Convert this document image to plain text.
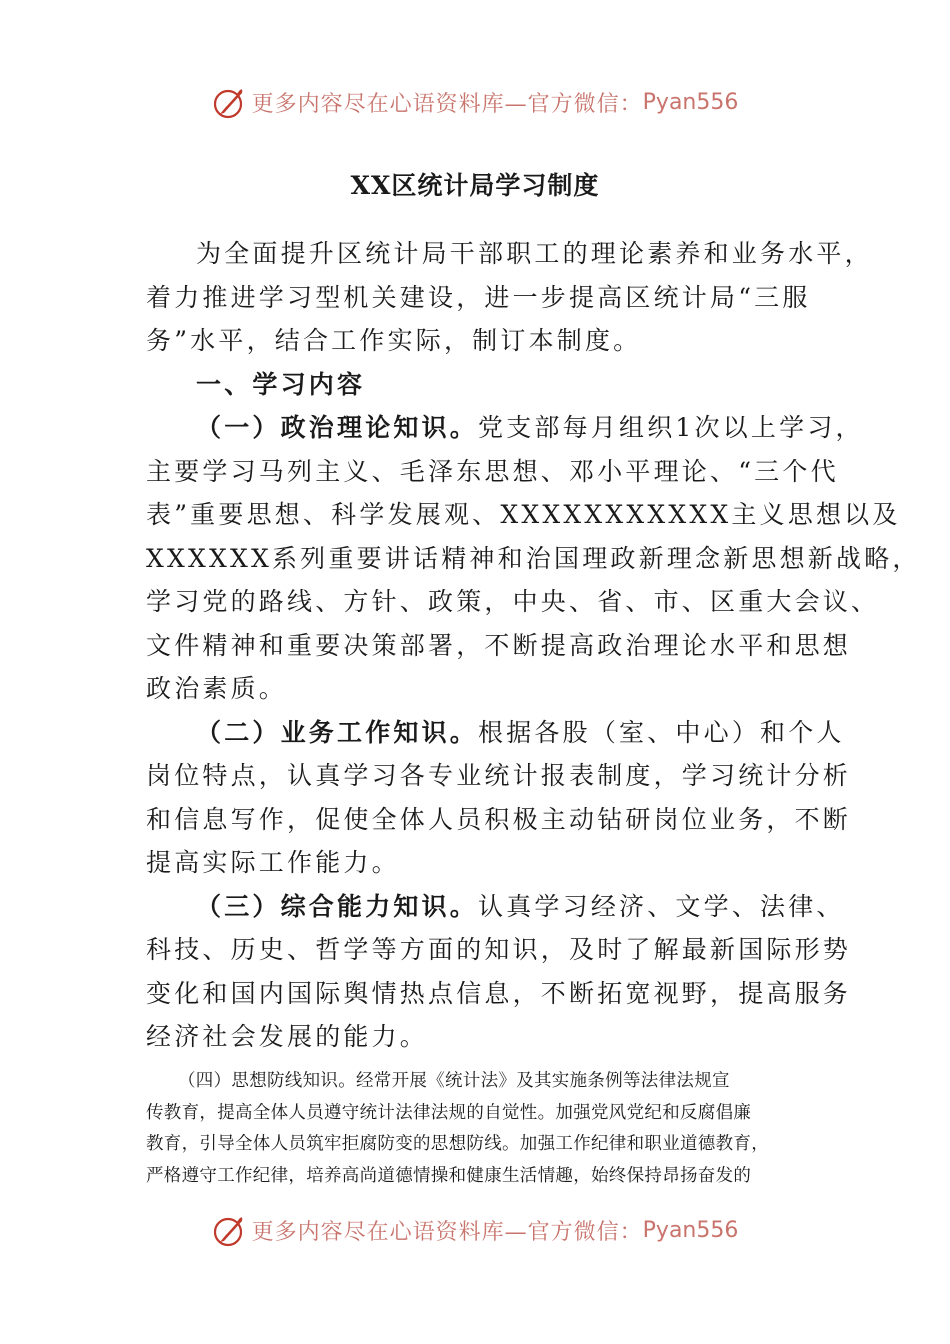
更多内容尽在心语资料库—官方微信： Pyan556
XX区统计局学习制度
为全面提升区统计局干部职工的理论素养和业务水平，
着力推进学习型机关建设，进一步提高区统计局“三服
务”水平，结合工作实际，制订本制度。
一、学习内容
（一）政治理论知识。党支部每月组织1次以上学习，
主要学习马列主义、毛泽东思想、邓小平理论、“三个代
表”重要思想、科学发展观、XXXXXXXXXXX主义思想以及
XXXXXX系列重要讲话精神和治国理政新理念新思想新战略，
学习党的路线、方针、政策，中央、省、市、区重大会议、
文件精神和重要决策部署，不断提高政治理论水平和思想
政治素质。
（二）业务工作知识。根据各股（室、中心）和个人
岗位特点，认真学习各专业统计报表制度，学习统计分析
和信息写作，促使全体人员积极主动钻研岗位业务，不断
提高实际工作能力。
（三）综合能力知识。认真学习经济、文学、法律、
科技、历史、哲学等方面的知识，及时了解最新国际形势
变化和国内国际舆情热点信息，不断拓宽视野，提高服务
经济社会发展的能力。
（四）思想防线知识。经常开展《统计法》及其实施条例等法律法规宣
传教育，提高全体人员遵守统计法律法规的自觉性。加强党风党纪和反腐倡廉
教育，引导全体人员筑牢拒腐防变的思想防线。加强工作纪律和职业道德教育，
严格遵守工作纪律，培养高尚道德情操和健康生活情趣，始终保持昂扬奋发的
更多内容尽在心语资料库—官方微信： Pyan556
